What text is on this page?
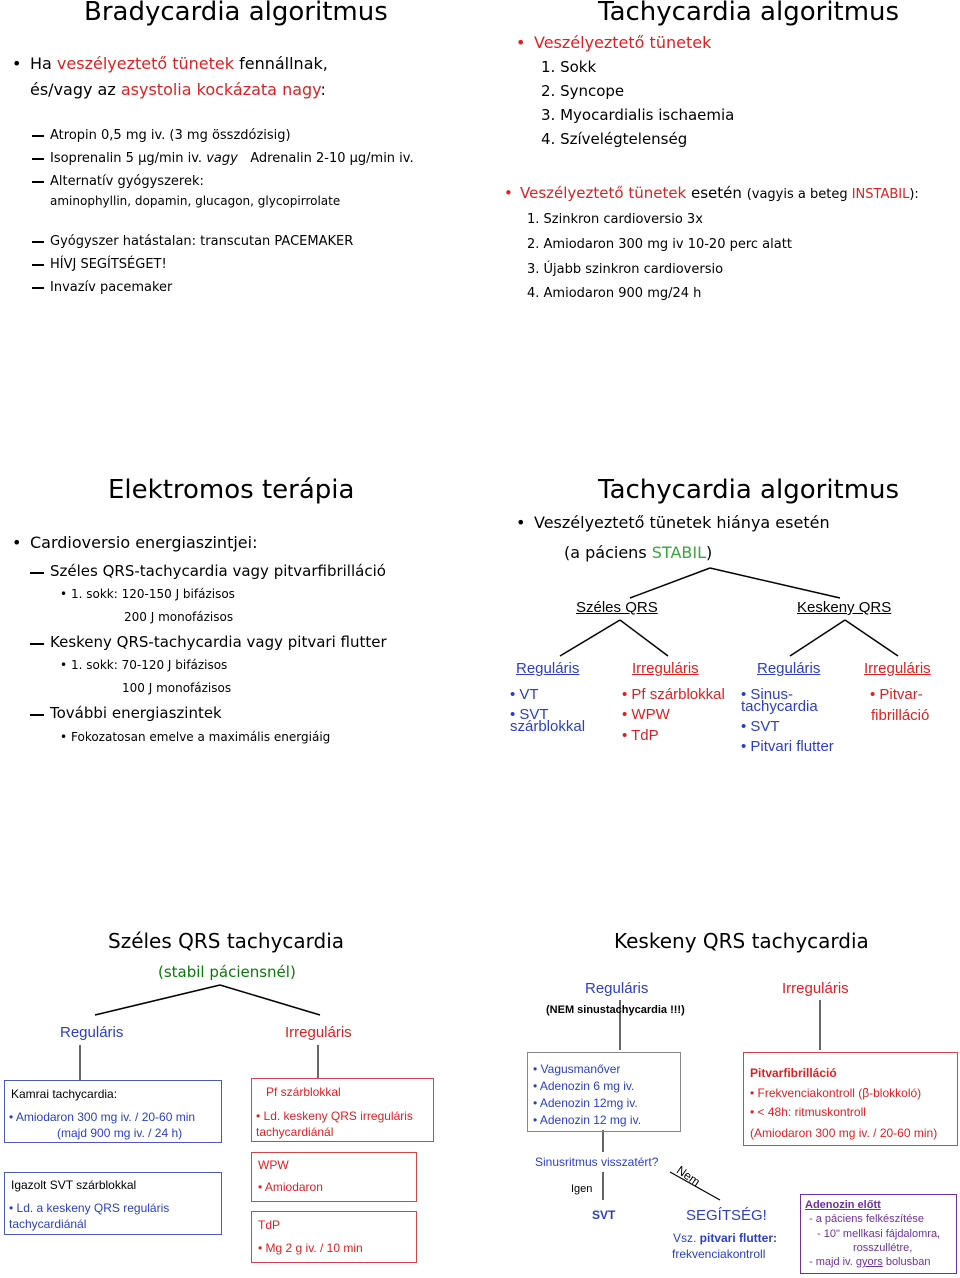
Bradycardia algoritmus
• Ha veszélyeztető tünetek fennállnak,
és/vagy az asystolia kockázata nagy:
Atropin 0,5 mg iv. (3 mg összdózisig)
Isoprenalin 5 µg/min iv. vagy Adrenalin 2-10 µg/min iv.
Alternatív gyógyszerek:
aminophyllin, dopamin, glucagon, glycopirrolate
Gyógyszer hatástalan: transcutan PACEMAKER
HÍVJ SEGÍTSÉGET!
Invazív pacemaker
Tachycardia algoritmus
• Veszélyeztető tünetek
1. Sokk
2. Syncope
3. Myocardialis ischaemia
4. Szívelégtelenség
• Veszélyeztető tünetek esetén (vagyis a beteg INSTABIL):
1. Szinkron cardioversio 3x
2. Amiodaron 300 mg iv 10-20 perc alatt
3. Újabb szinkron cardioversio
4. Amiodaron 900 mg/24 h
Elektromos terápia
• Cardioversio energiaszintjei:
Széles QRS-tachycardia vagy pitvarfibrilláció
• 1. sokk: 120-150 J bifázisos
200 J monofázisos
Keskeny QRS-tachycardia vagy pitvari flutter
• 1. sokk: 70-120 J bifázisos
100 J monofázisos
További energiaszintek
• Fokozatosan emelve a maximális energiáig
Tachycardia algoritmus
• Veszélyeztető tünetek hiánya esetén
(a páciens STABIL)
Széles QRS	Keskeny QRS
Reguláris	Irreguláris	Reguláris	Irreguláris
• VT
• SVT
szárblokkal
• Pf szárblokkal
• WPW
• TdP
• Sinus-
tachycardia
• SVT
• Pitvari flutter
• Pitvar-
fibrilláció
Széles QRS tachycardia
(stabil páciensnél)
Reguláris	Irreguláris
Kamrai tachycardia:
• Amiodaron 300 mg iv. / 20-60 min
(majd 900 mg iv. / 24 h)
Igazolt SVT szárblokkal
• Ld. a keskeny QRS reguláris
tachycardiánál
Pf szárblokkal
• Ld. keskeny QRS irreguláris
tachycardiánál
WPW
• Amiodaron
TdP
• Mg 2 g iv. / 10 min
Keskeny QRS tachycardia
Reguláris	Irreguláris
(NEM sinustachycardia !!!)
• Vagusmanőver
• Adenozin 6 mg iv.
• Adenozin 12mg iv.
• Adenozin 12 mg iv.
Sinusritmus visszatért?
Igen	Nem
SVT	SEGÍTSÉG!
Vsz. pitvari flutter:
frekvenciakontroll
Pitvarfibrilláció
• Frekvenciakontroll (β-blokkoló)
• < 48h: ritmuskontroll
(Amiodaron 300 mg iv. / 20-60 min)
Adenozin előtt
- a páciens felkészítése
- 10" mellkasi fájdalomra,
rosszullétre,
- majd iv. gyors bolusban
